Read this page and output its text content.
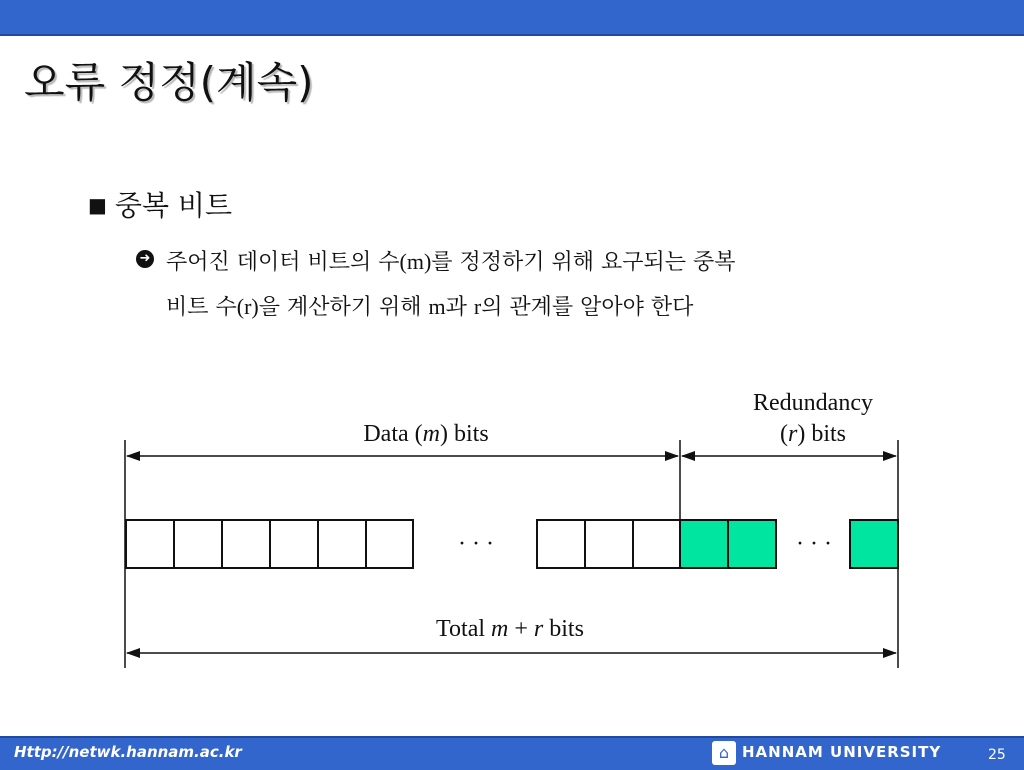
오류 정정(계속)
■ 중복 비트
➜ 주어진 데이터 비트의 수(m)를 정정하기 위해 요구되는 중복
비트 수(r)을 계산하기 위해 m과 r의 관계를 알아야 한다
Data (m) bits
Redundancy
(r) bits
Total m + r bits
· · ·	· · ·
Http://netwk.hannam.ac.kr	⌂ HANNAM UNIVERSITY	25
